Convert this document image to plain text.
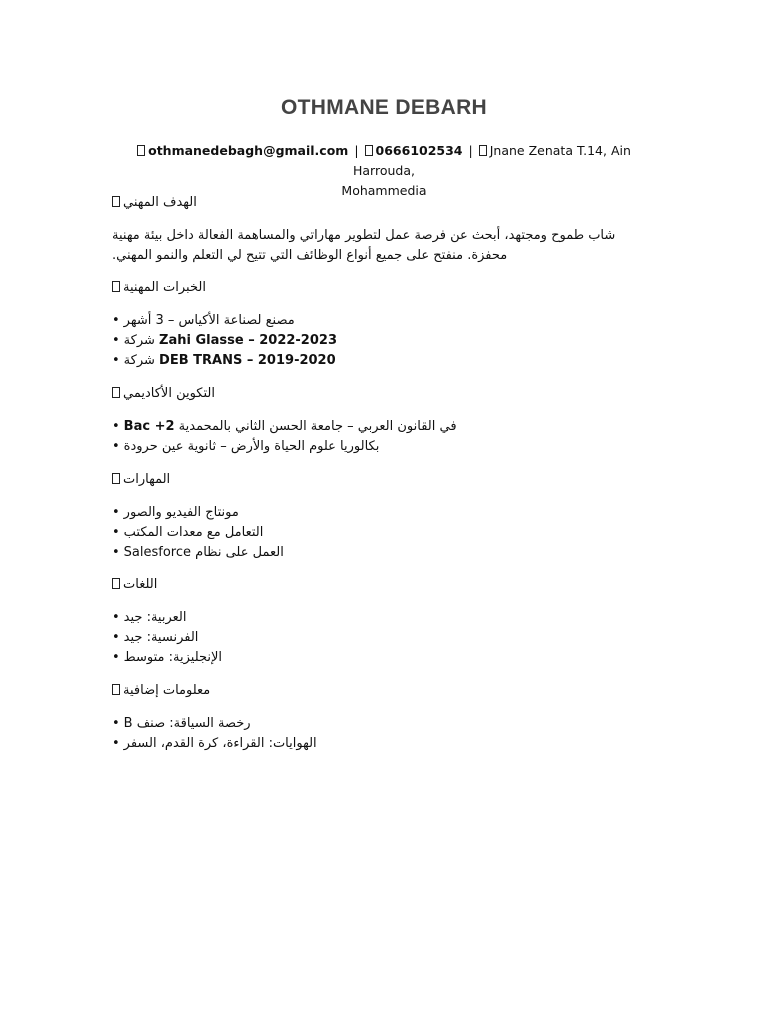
OTHMANE DEBARH
othmanedebagh@gmail.com | 0666102534 | Jnane Zenata T.14, Ain Harrouda,
Mohammedia
الهدف المهني
شاب طموح ومجتهد، أبحث عن فرصة عمل لتطوير مهاراتي والمساهمة الفعالة داخل بيئة مهنية
محفزة. منفتح على جميع أنواع الوظائف التي تتيح لي التعلم والنمو المهني.
الخبرات المهنية
• مصنع لصناعة الأكياس – 3 أشهر
• شركة Zahi Glasse – 2022-2023
• شركة DEB TRANS – 2019-2020
التكوين الأكاديمي
• Bac +2 في القانون العربي – جامعة الحسن الثاني بالمحمدية
• بكالوريا علوم الحياة والأرض – ثانوية عين حرودة
المهارات
• مونتاج الفيديو والصور
• التعامل مع معدات المكتب
• العمل على نظام Salesforce
اللغات
• العربية: جيد
• الفرنسية: جيد
• الإنجليزية: متوسط
معلومات إضافية
• رخصة السياقة: صنف B
• الهوايات: القراءة، كرة القدم، السفر
